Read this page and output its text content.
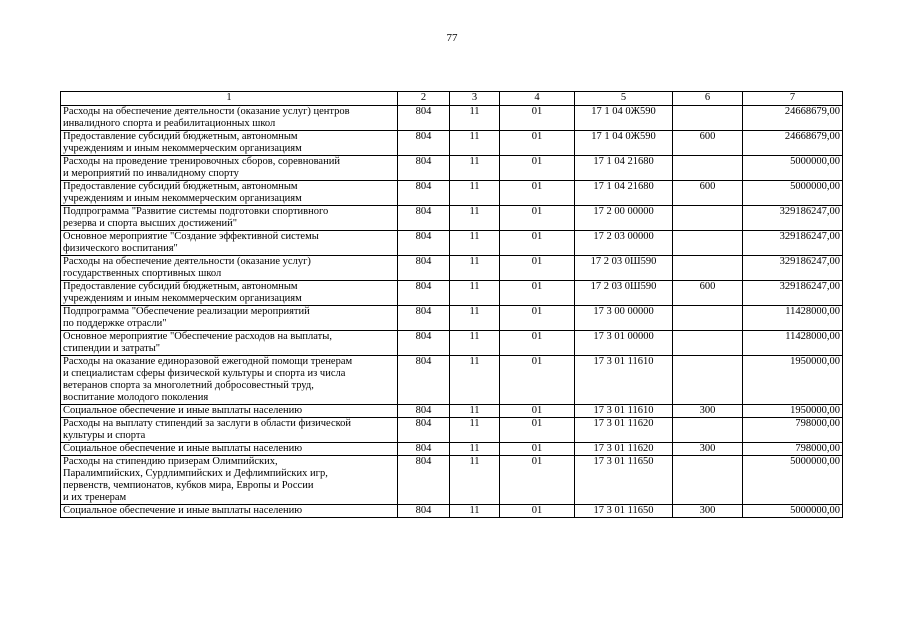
77
1	2	3	4	5	6	7
Расходы на обеспечение деятельности (оказание услуг) центров
инвалидного спорта и реабилитационных школ	804	11	01	17 1 04 0Ж590		24668679,00
Предоставление субсидий бюджетным, автономным
учреждениям и иным некоммерческим организациям	804	11	01	17 1 04 0Ж590	600	24668679,00
Расходы на проведение тренировочных сборов, соревнований
и мероприятий по инвалидному спорту	804	11	01	17 1 04 21680		5000000,00
Предоставление субсидий бюджетным, автономным
учреждениям и иным некоммерческим организациям	804	11	01	17 1 04 21680	600	5000000,00
Подпрограмма "Развитие системы подготовки спортивного
резерва и спорта высших достижений"	804	11	01	17 2 00 00000		329186247,00
Основное мероприятие "Создание эффективной системы
физического воспитания"	804	11	01	17 2 03 00000		329186247,00
Расходы на обеспечение деятельности (оказание услуг)
государственных спортивных школ	804	11	01	17 2 03 0Ш590		329186247,00
Предоставление субсидий бюджетным, автономным
учреждениям и иным некоммерческим организациям	804	11	01	17 2 03 0Ш590	600	329186247,00
Подпрограмма "Обеспечение реализации мероприятий
по поддержке отрасли"	804	11	01	17 3 00 00000		11428000,00
Основное мероприятие "Обеспечение расходов на выплаты,
стипендии и затраты"	804	11	01	17 3 01 00000		11428000,00
Расходы на оказание единоразовой ежегодной помощи тренерам
и специалистам сферы физической культуры и спорта из числа
ветеранов спорта за многолетний добросовестный труд,
воспитание молодого поколения	804	11	01	17 3 01 11610		1950000,00
Социальное обеспечение и иные выплаты населению	804	11	01	17 3 01 11610	300	1950000,00
Расходы на выплату стипендий за заслуги в области физической
культуры и спорта	804	11	01	17 3 01 11620		798000,00
Социальное обеспечение и иные выплаты населению	804	11	01	17 3 01 11620	300	798000,00
Расходы на стипендию призерам Олимпийских,
Паралимпийских, Сурдлимпийских и Дефлимпийских игр,
первенств, чемпионатов, кубков мира, Европы и России
и их тренерам	804	11	01	17 3 01 11650		5000000,00
Социальное обеспечение и иные выплаты населению	804	11	01	17 3 01 11650	300	5000000,00
